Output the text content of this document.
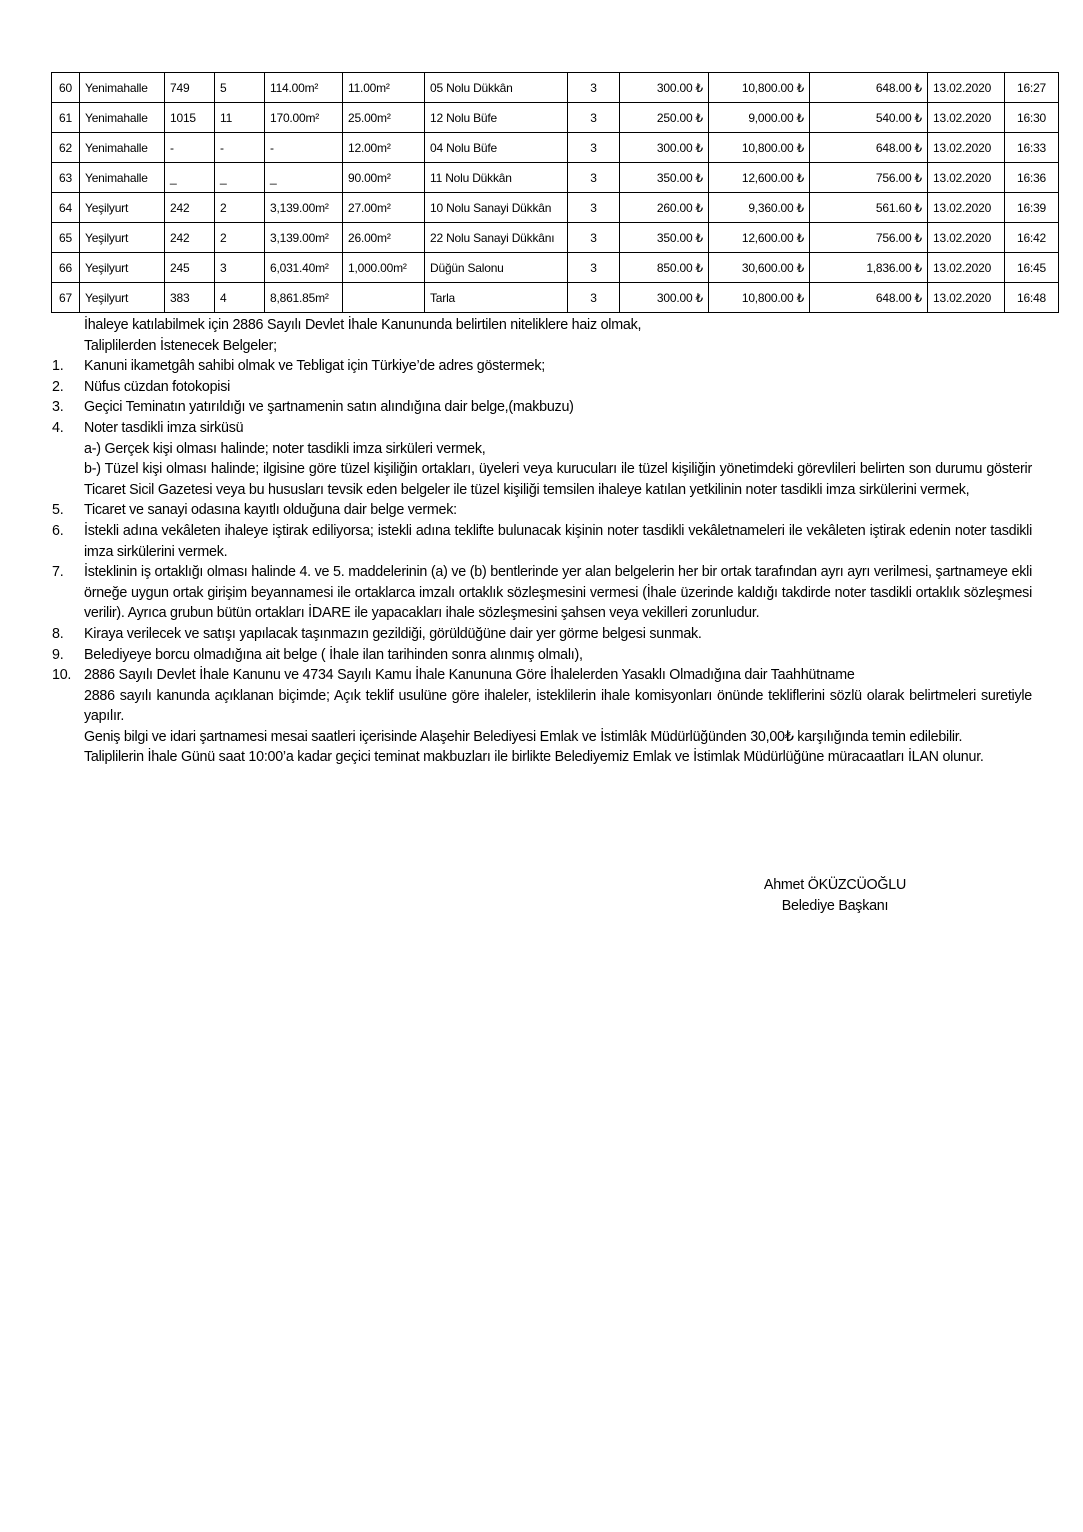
60	Yenimahalle	749	5	114.00m²	11.00m²	05 Nolu Dükkân	3	300.00 ₺	10,800.00 ₺	648.00 ₺	13.02.2020	16:27
61	Yenimahalle	1015	11	170.00m²	25.00m²	12 Nolu Büfe	3	250.00 ₺	9,000.00 ₺	540.00 ₺	13.02.2020	16:30
62	Yenimahalle	-	-	-	12.00m²	04 Nolu Büfe	3	300.00 ₺	10,800.00 ₺	648.00 ₺	13.02.2020	16:33
63	Yenimahalle	_	_	_	90.00m²	11 Nolu Dükkân	3	350.00 ₺	12,600.00 ₺	756.00 ₺	13.02.2020	16:36
64	Yeşilyurt	242	2	3,139.00m²	27.00m²	10 Nolu Sanayi Dükkân	3	260.00 ₺	9,360.00 ₺	561.60 ₺	13.02.2020	16:39
65	Yeşilyurt	242	2	3,139.00m²	26.00m²	22 Nolu Sanayi Dükkânı	3	350.00 ₺	12,600.00 ₺	756.00 ₺	13.02.2020	16:42
66	Yeşilyurt	245	3	6,031.40m²	1,000.00m²	Düğün Salonu	3	850.00 ₺	30,600.00 ₺	1,836.00 ₺	13.02.2020	16:45
67	Yeşilyurt	383	4	8,861.85m²		Tarla	3	300.00 ₺	10,800.00 ₺	648.00 ₺	13.02.2020	16:48
İhaleye katılabilmek için 2886 Sayılı Devlet İhale Kanununda belirtilen niteliklere haiz olmak,
Taliplilerden İstenecek Belgeler;
1.	Kanuni ikametgâh sahibi olmak ve Tebligat için Türkiye’de adres göstermek;
2.	Nüfus cüzdan fotokopisi
3.	Geçici Teminatın yatırıldığı ve şartnamenin satın alındığına dair belge,(makbuzu)
4.	Noter tasdikli imza sirküsü
a-) Gerçek kişi olması halinde; noter tasdikli imza sirküleri vermek,
b-) Tüzel kişi olması halinde; ilgisine göre tüzel kişiliğin ortakları, üyeleri veya kurucuları ile tüzel kişiliğin yönetimdeki görevlileri belirten son durumu gösterir Ticaret Sicil Gazetesi veya bu hususları tevsik eden belgeler ile tüzel kişiliği temsilen ihaleye katılan yetkilinin noter tasdikli imza sirkülerini vermek,
5.	Ticaret ve sanayi odasına kayıtlı olduğuna dair belge vermek:
6.	İstekli adına vekâleten ihaleye iştirak ediliyorsa; istekli adına teklifte bulunacak kişinin noter tasdikli vekâletnameleri ile vekâleten iştirak edenin noter tasdikli imza sirkülerini vermek.
7.	İsteklinin iş ortaklığı olması halinde 4. ve 5. maddelerinin (a) ve (b) bentlerinde yer alan belgelerin her bir ortak tarafından ayrı ayrı verilmesi, şartnameye ekli örneğe uygun ortak girişim beyannamesi ile ortaklarca imzalı ortaklık sözleşmesini vermesi (İhale üzerinde kaldığı takdirde noter tasdikli ortaklık sözleşmesi verilir). Ayrıca grubun bütün ortakları İDARE ile yapacakları ihale sözleşmesini şahsen veya vekilleri zorunludur.
8.	Kiraya verilecek ve satışı yapılacak taşınmazın gezildiği, görüldüğüne dair yer görme belgesi sunmak.
9.	Belediyeye borcu olmadığına ait belge ( İhale ilan tarihinden sonra alınmış olmalı),
10. 2886 Sayılı Devlet İhale Kanunu ve 4734 Sayılı Kamu İhale Kanununa Göre İhalelerden Yasaklı Olmadığına dair Taahhütname
2886 sayılı kanunda açıklanan biçimde; Açık teklif usulüne göre ihaleler, isteklilerin ihale komisyonları önünde tekliflerini sözlü olarak belirtmeleri suretiyle yapılır.
Geniş bilgi ve idari şartnamesi mesai saatleri içerisinde Alaşehir Belediyesi Emlak ve İstimlâk Müdürlüğünden 30,00₺ karşılığında temin edilebilir.
Taliplilerin İhale Günü saat 10:00’a kadar geçici teminat makbuzları ile birlikte Belediyemiz Emlak ve İstimlak Müdürlüğüne müracaatları İLAN olunur.
Ahmet ÖKÜZCÜOĞLU
Belediye Başkanı
